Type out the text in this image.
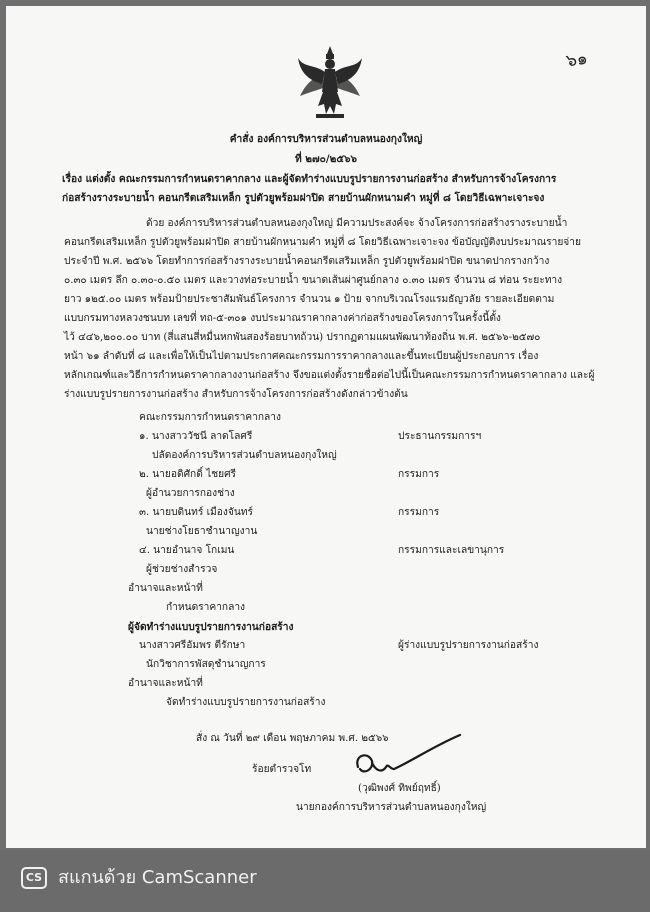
๖๑
คำสั่ง องค์การบริหารส่วนตำบลหนองกุงใหญ่
ที่ ๒๗๐/๒๕๖๖
เรื่อง แต่งตั้ง คณะกรรมการกำหนดราคากลาง และผู้จัดทำร่างแบบรูปรายการงานก่อสร้าง สำหรับการจ้างโครงการ
ก่อสร้างรางระบายน้ำ คอนกรีตเสริมเหล็ก รูปตัวยูพร้อมฝาปิด สายบ้านผักหนามคำ หมู่ที่ ๘ โดยวิธีเฉพาะเจาะจง
ด้วย องค์การบริหารส่วนตำบลหนองกุงใหญ่ มีความประสงค์จะ จ้างโครงการก่อสร้างรางระบายน้ำ
คอนกรีตเสริมเหล็ก รูปตัวยูพร้อมฝาปิด สายบ้านผักหนามคำ หมู่ที่ ๘ โดยวิธีเฉพาะเจาะจง ข้อบัญญัติงบประมาณรายจ่าย
ประจำปี พ.ศ. ๒๕๖๖ โดยทำการก่อสร้างรางระบายน้ำคอนกรีตเสริมเหล็ก รูปตัวยูพร้อมฝาปิด ขนาดปากรางกว้าง
๐.๓๐ เมตร ลึก ๐.๓๐-๐.๕๐ เมตร และวางท่อระบายน้ำ ขนาดเส้นผ่าศูนย์กลาง ๐.๓๐ เมตร จำนวน ๘ ท่อน ระยะทาง
ยาว ๑๒๕.๐๐ เมตร พร้อมป้ายประชาสัมพันธ์โครงการ จำนวน ๑ ป้าย จากบริเวณโรงแรมธัญวลัย รายละเอียดตาม
แบบกรมทางหลวงชนบท เลขที่ ทถ-๕-๓๐๑ งบประมาณราคากลางค่าก่อสร้างของโครงการในครั้งนี้ตั้ง
ไว้ ๔๔๖,๒๐๐.๐๐ บาท (สี่แสนสี่หมื่นหกพันสองร้อยบาทถ้วน) ปรากฏตามแผนพัฒนาท้องถิ่น พ.ศ. ๒๕๖๖-๒๕๗๐
หน้า ๖๑ ลำดับที่ ๘ และเพื่อให้เป็นไปตามประกาศคณะกรรมการราคากลางและขึ้นทะเบียนผู้ประกอบการ เรื่อง
หลักเกณฑ์และวิธีการกำหนดราคากลางงานก่อสร้าง จึงขอแต่งตั้งรายชื่อต่อไปนี้เป็นคณะกรรมการกำหนดราคากลาง และผู้
ร่างแบบรูปรายการงานก่อสร้าง สำหรับการจ้างโครงการก่อสร้างดังกล่าวข้างต้น
คณะกรรมการกำหนดราคากลาง
๑. นางสาววัชนี ลาดโลศรี	ประธานกรรมการฯ
ปลัดองค์การบริหารส่วนตำบลหนองกุงใหญ่
๒. นายอดิศักดิ์ ไชยศรี	กรรมการ
ผู้อำนวยการกองช่าง
๓. นายบดินทร์ เมืองจันทร์	กรรมการ
นายช่างโยธาชำนาญงาน
๔. นายอำนาจ โกเมน	กรรมการและเลขานุการ
ผู้ช่วยช่างสำรวจ
อำนาจและหน้าที่
กำหนดราคากลาง
ผู้จัดทำร่างแบบรูปรายการงานก่อสร้าง
นางสาวศรีอัมพร ตีรักษา	ผู้ร่างแบบรูปรายการงานก่อสร้าง
นักวิชาการพัสดุชำนาญการ
อำนาจและหน้าที่
จัดทำร่างแบบรูปรายการงานก่อสร้าง
สั่ง ณ วันที่ ๒๙ เดือน พฤษภาคม พ.ศ. ๒๕๖๖
ร้อยตำรวจโท
(วุฒิพงศ์ ทิพย์ฤทธิ์)
นายกองค์การบริหารส่วนตำบลหนองกุงใหญ่
CS สแกนด้วย CamScanner
